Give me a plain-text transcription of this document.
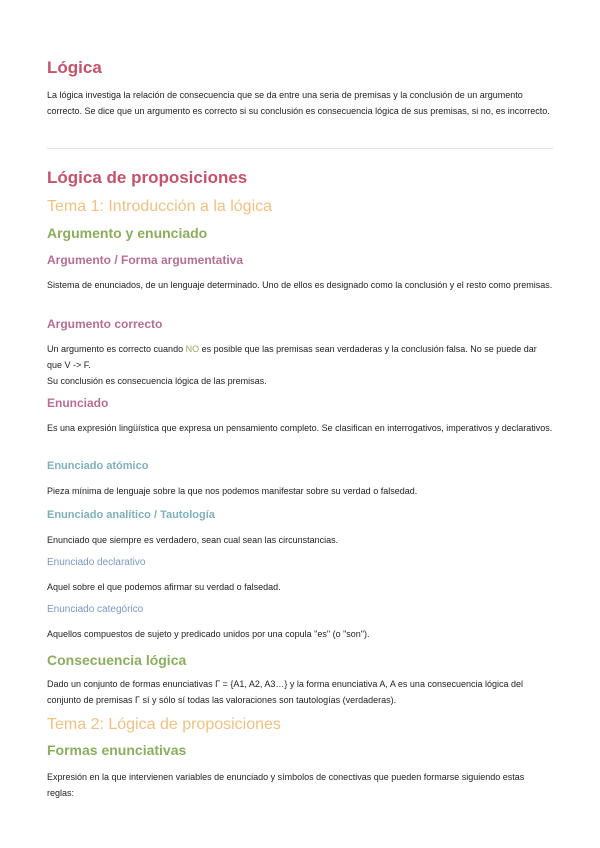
Lógica

La lógica investiga la relación de consecuencia que se da entre una seria de premisas y la conclusión de un argumento correcto. Se dice que un argumento es correcto si su conclusión es consecuencia lógica de sus premisas, si no, es incorrecto.

Lógica de proposiciones
Tema 1: Introducción a la lógica
Argumento y enunciado
Argumento / Forma argumentativa

Sistema de enunciados, de un lenguaje determinado. Uno de ellos es designado como la conclusión y el resto como premisas.

Argumento correcto

Un argumento es correcto cuando NO es posible que las premisas sean verdaderas y la conclusión falsa. No se puede dar que V -> F.
Su conclusión es consecuencia lógica de las premisas.

Enunciado

Es una expresión lingüística que expresa un pensamiento completo. Se clasifican en interrogativos, imperativos y declarativos.

Enunciado atómico

Pieza mínima de lenguaje sobre la que nos podemos manifestar sobre su verdad o falsedad.

Enunciado analítico / Tautología

Enunciado que siempre es verdadero, sean cual sean las circunstancias.

Enunciado declarativo

Aquel sobre el que podemos afirmar su verdad o falsedad.

Enunciado categórico

Aquellos compuestos de sujeto y predicado unidos por una copula "es" (o "son").

Consecuencia lógica

Dado un conjunto de formas enunciativas Γ = {A1, A2, A3…} y la forma enunciativa A, A es una consecuencia lógica del conjunto de premisas Γ sí y sólo sí todas las valoraciones son tautologías (verdaderas).

Tema 2: Lógica de proposiciones
Formas enunciativas

Expresión en la que intervienen variables de enunciado y símbolos de conectivas que pueden formarse siguiendo estas reglas:
